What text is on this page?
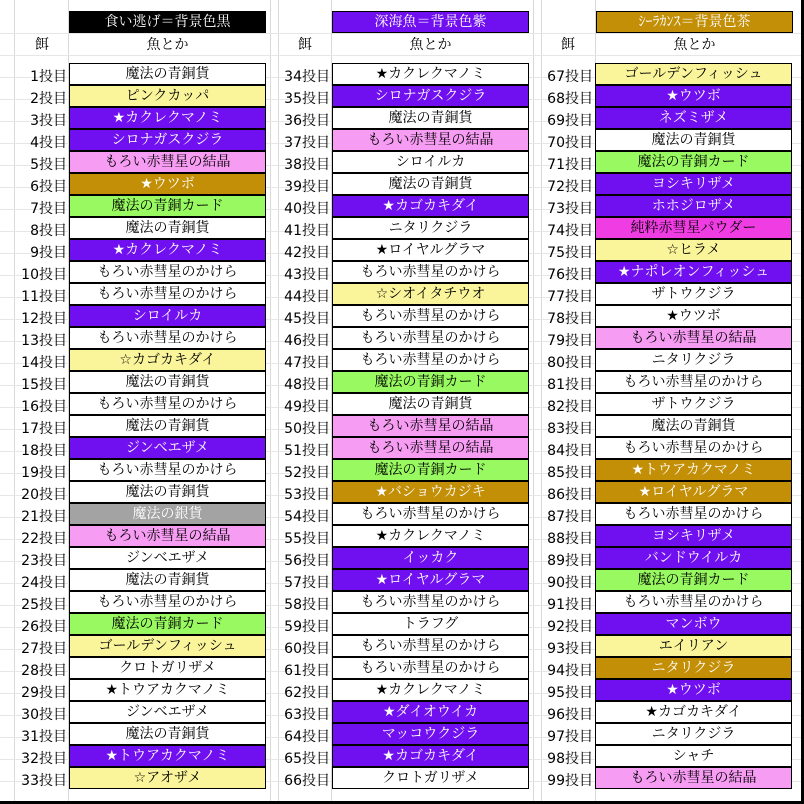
食い逃げ＝背景色黒	深海魚＝背景色紫	ｼｰﾗｶﾝｽ＝背景色茶
餌	魚とか	餌	魚とか	餌	魚とか
1投目	魔法の青銅貨
2投目	ピンクカッパ
3投目	★カクレクマノミ
4投目	シロナガスクジラ
5投目	もろい赤彗星の結晶
6投目	★ウツボ
7投目	魔法の青銅カード
8投目	魔法の青銅貨
9投目	★カクレクマノミ
10投目	もろい赤彗星のかけら
11投目	もろい赤彗星のかけら
12投目	シロイルカ
13投目	もろい赤彗星のかけら
14投目	☆カゴカキダイ
15投目	魔法の青銅貨
16投目	もろい赤彗星のかけら
17投目	魔法の青銅貨
18投目	ジンベエザメ
19投目	もろい赤彗星のかけら
20投目	魔法の青銅貨
21投目	魔法の銀貨
22投目	もろい赤彗星の結晶
23投目	ジンベエザメ
24投目	魔法の青銅貨
25投目	もろい赤彗星のかけら
26投目	魔法の青銅カード
27投目	ゴールデンフィッシュ
28投目	クロトガリザメ
29投目	★トウアカクマノミ
30投目	ジンベエザメ
31投目	魔法の青銅貨
32投目	★トウアカクマノミ
33投目	☆アオザメ
34投目	★カクレクマノミ
35投目	シロナガスクジラ
36投目	魔法の青銅貨
37投目	もろい赤彗星の結晶
38投目	シロイルカ
39投目	魔法の青銅貨
40投目	★カゴカキダイ
41投目	ニタリクジラ
42投目	★ロイヤルグラマ
43投目	もろい赤彗星のかけら
44投目	☆シオイタチウオ
45投目	もろい赤彗星のかけら
46投目	もろい赤彗星のかけら
47投目	もろい赤彗星のかけら
48投目	魔法の青銅カード
49投目	魔法の青銅貨
50投目	もろい赤彗星の結晶
51投目	もろい赤彗星の結晶
52投目	魔法の青銅カード
53投目	★バショウカジキ
54投目	もろい赤彗星のかけら
55投目	★カクレクマノミ
56投目	イッカク
57投目	★ロイヤルグラマ
58投目	もろい赤彗星のかけら
59投目	トラフグ
60投目	もろい赤彗星のかけら
61投目	もろい赤彗星のかけら
62投目	★カクレクマノミ
63投目	★ダイオウイカ
64投目	マッコウクジラ
65投目	★カゴカキダイ
66投目	クロトガリザメ
67投目	ゴールデンフィッシュ
68投目	★ウツボ
69投目	ネズミザメ
70投目	魔法の青銅貨
71投目	魔法の青銅カード
72投目	ヨシキリザメ
73投目	ホホジロザメ
74投目	純粋赤彗星パウダー
75投目	☆ヒラメ
76投目	★ナポレオンフィッシュ
77投目	ザトウクジラ
78投目	★ウツボ
79投目	もろい赤彗星の結晶
80投目	ニタリクジラ
81投目	もろい赤彗星のかけら
82投目	ザトウクジラ
83投目	魔法の青銅貨
84投目	もろい赤彗星のかけら
85投目	★トウアカクマノミ
86投目	★ロイヤルグラマ
87投目	もろい赤彗星のかけら
88投目	ヨシキリザメ
89投目	バンドウイルカ
90投目	魔法の青銅カード
91投目	もろい赤彗星のかけら
92投目	マンボウ
93投目	エイリアン
94投目	ニタリクジラ
95投目	★ウツボ
96投目	★カゴカキダイ
97投目	ニタリクジラ
98投目	シャチ
99投目	もろい赤彗星の結晶
